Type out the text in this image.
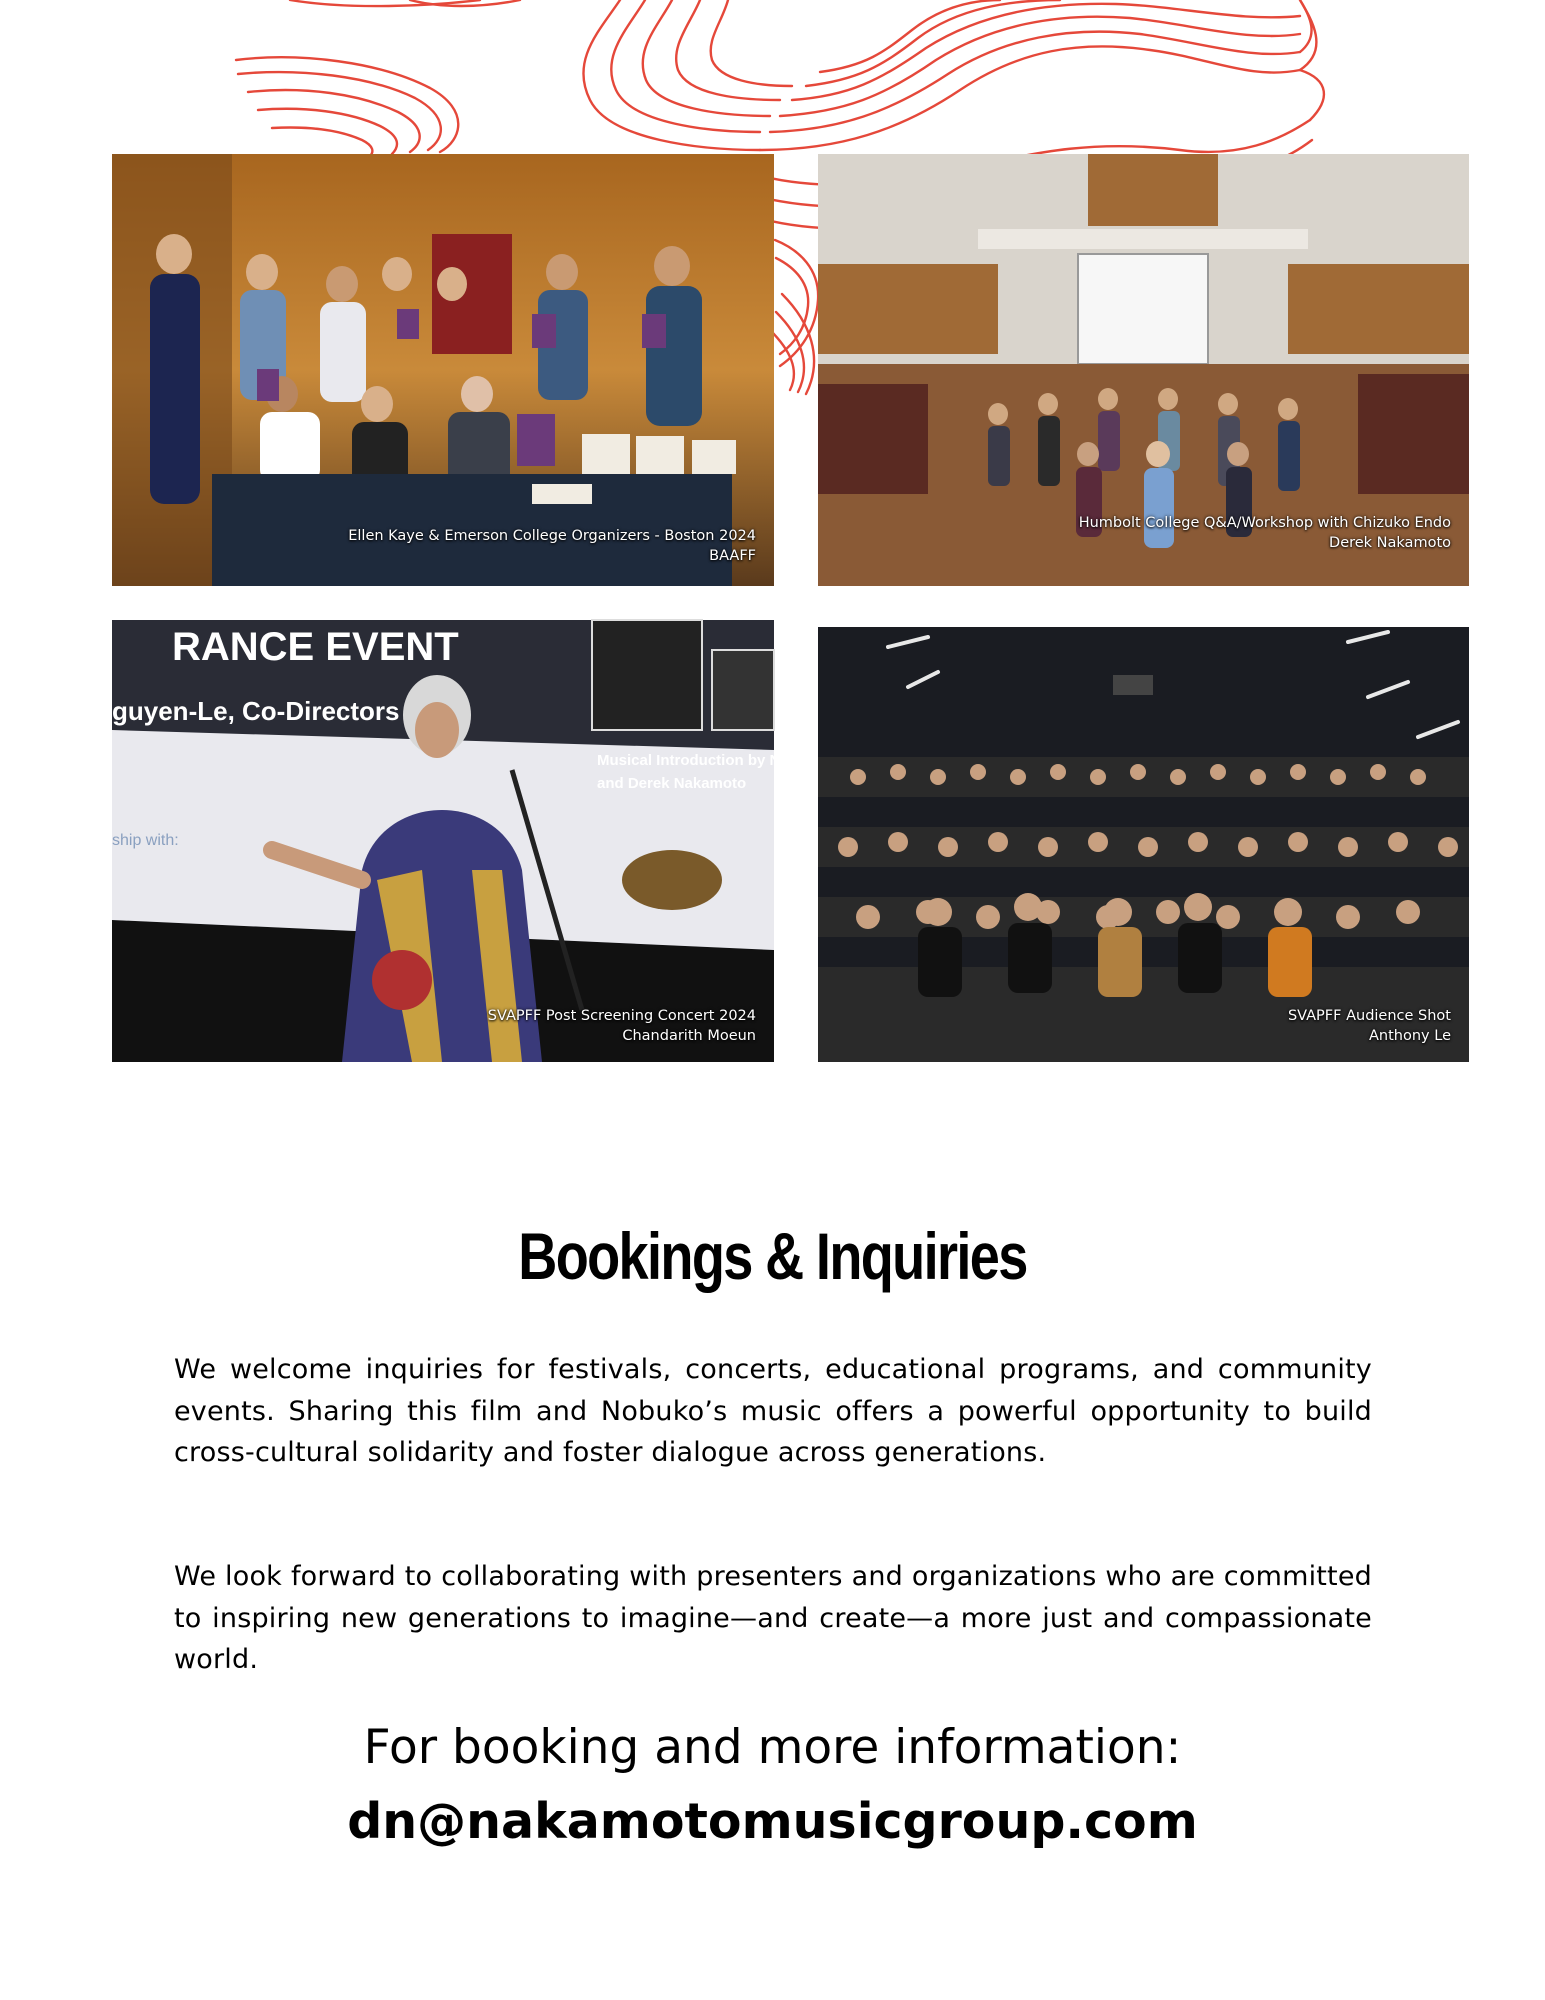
Ellen Kaye & Emerson College Organizers - Boston 2024
BAAFF
Humbolt College Q&A/Workshop with Chizuko Endo
Derek Nakamoto
RANCE EVENT
guyen-Le, Co-Directors
Musical Introduction by Nobu
and Derek Nakamoto
ship with:
SVAPFF Post Screening Concert 2024
Chandarith Moeun
SVAPFF Audience Shot
Anthony Le
Bookings & Inquiries

We welcome inquiries for festivals, concerts, educational programs, and community events. Sharing this film and Nobuko’s music offers a powerful opportunity to build cross-cultural solidarity and foster dialogue across generations.

We look forward to collaborating with presenters and organizations who are committed to inspiring new generations to imagine—and create—a more just and compassionate world.

For booking and more information:

dn@nakamotomusicgroup.com
